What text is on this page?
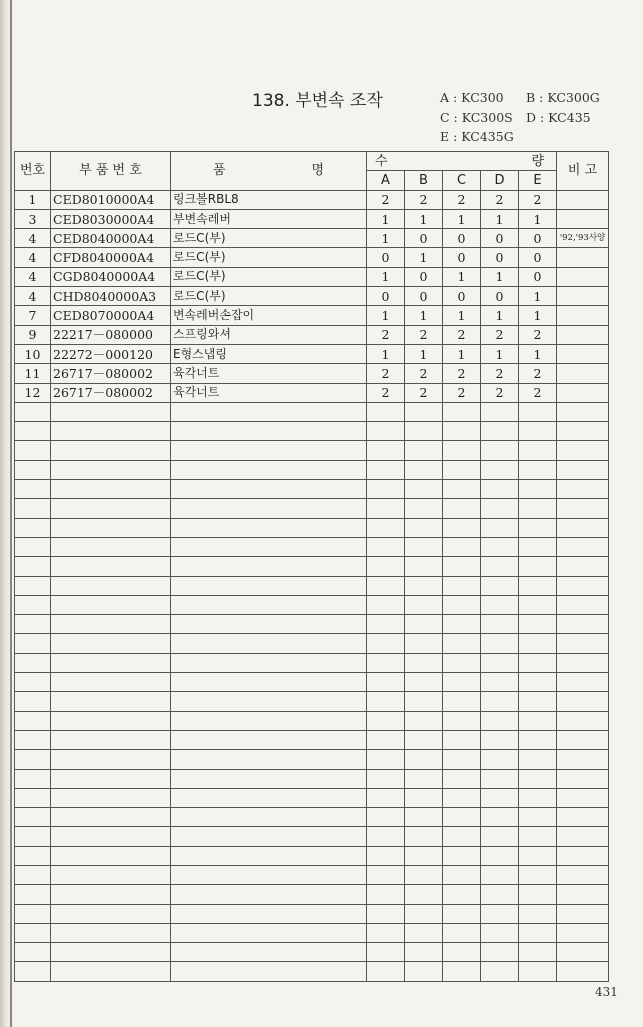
138. 부변속 조작	A : KC300 B : KC300G
C : KC300S D : KC435
E : KC435G
번호	부 품 번 호	품 명	수 량					비 고
			A	B	C	D	E	
1	CED8010000A4	링크볼RBL8	2	2	2	2	2	
3	CED8030000A4	부변속레버	1	1	1	1	1	
4	CED8040000A4	로드C(부)	1	0	0	0	0	'92,'93사양
4	CFD8040000A4	로드C(부)	0	1	0	0	0	
4	CGD8040000A4	로드C(부)	1	0	1	1	0	
4	CHD8040000A3	로드C(부)	0	0	0	0	1	
7	CED8070000A4	변속레버손잡이	1	1	1	1	1	
9	22217－080000	스프링와셔	2	2	2	2	2	
10	22272－000120	E형스냅링	1	1	1	1	1	
11	26717－080002	육각너트	2	2	2	2	2	
12	26717－080002	육각너트	2	2	2	2	2	

431
